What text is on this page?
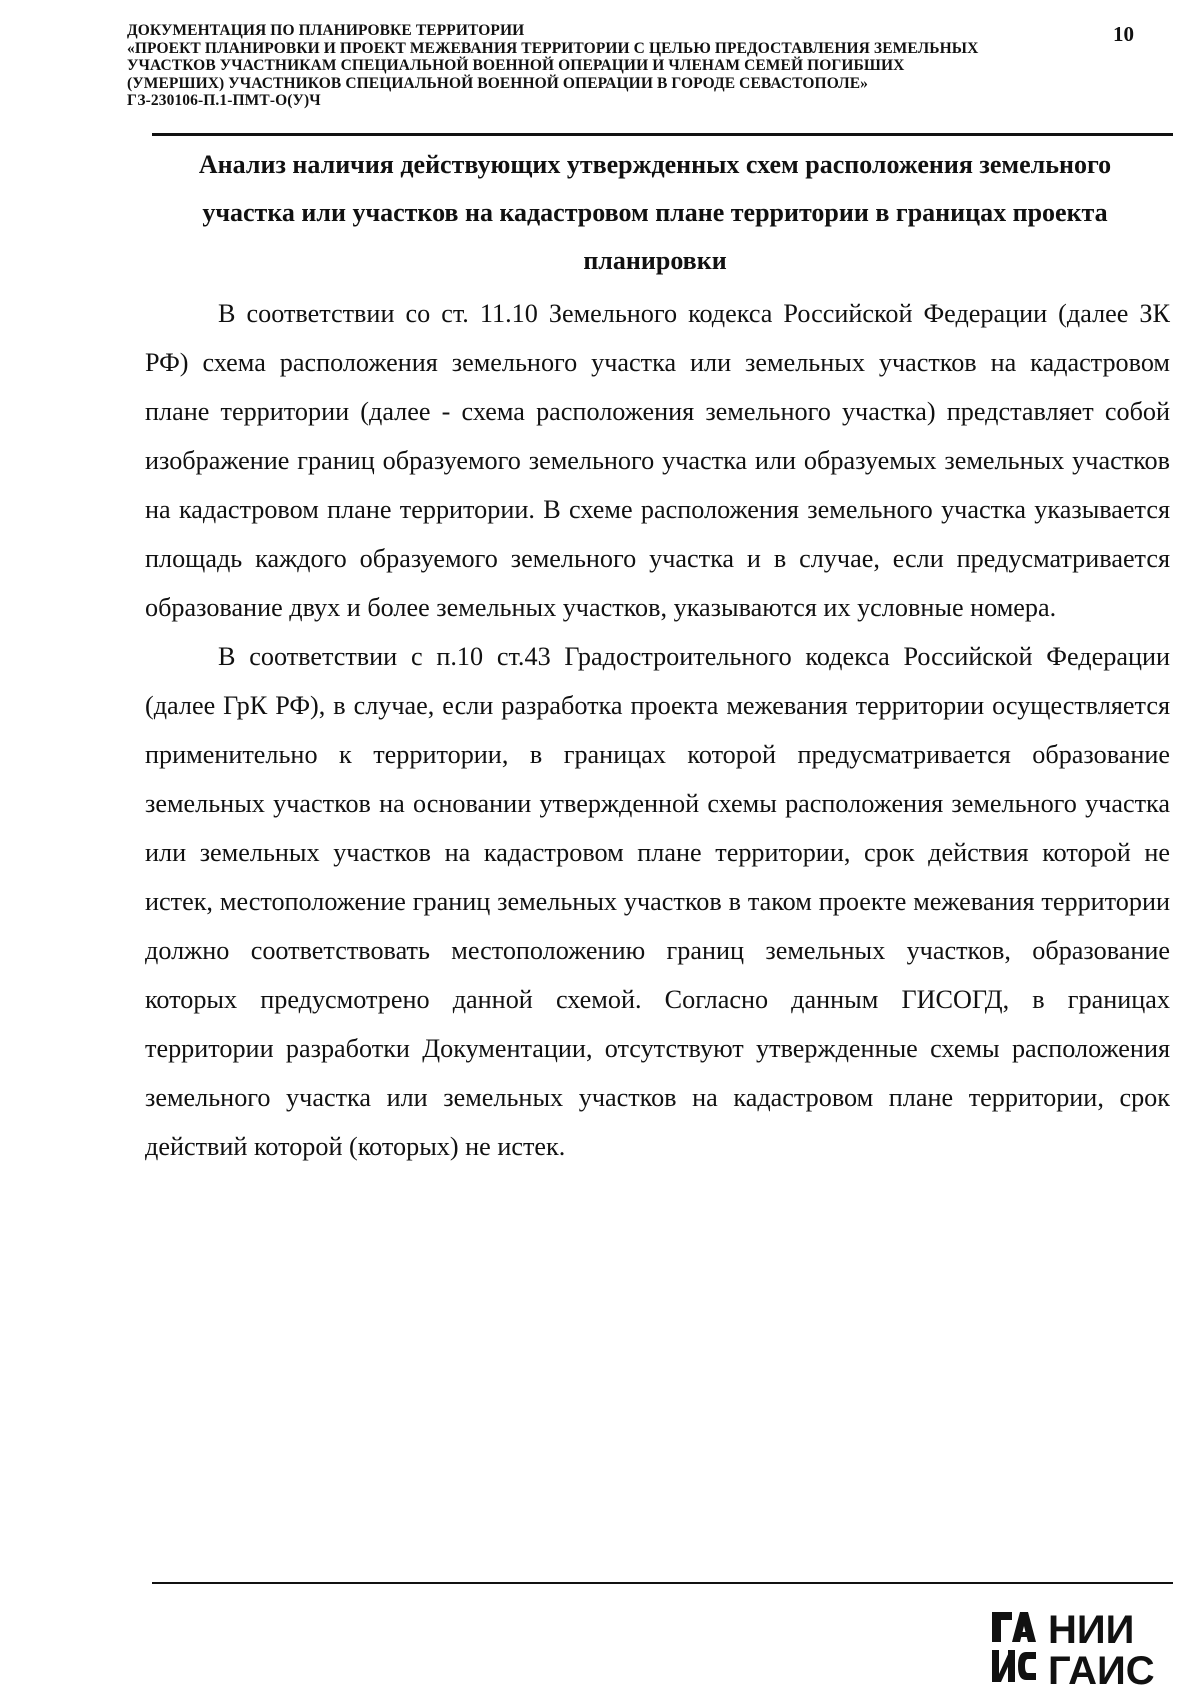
ДОКУМЕНТАЦИЯ ПО ПЛАНИРОВКЕ ТЕРРИТОРИИ
«ПРОЕКТ ПЛАНИРОВКИ И ПРОЕКТ МЕЖЕВАНИЯ ТЕРРИТОРИИ С ЦЕЛЬЮ ПРЕДОСТАВЛЕНИЯ ЗЕМЕЛЬНЫХ
УЧАСТКОВ УЧАСТНИКАМ СПЕЦИАЛЬНОЙ ВОЕННОЙ ОПЕРАЦИИ И ЧЛЕНАМ СЕМЕЙ ПОГИБШИХ
(УМЕРШИХ) УЧАСТНИКОВ СПЕЦИАЛЬНОЙ ВОЕННОЙ ОПЕРАЦИИ В ГОРОДЕ СЕВАСТОПОЛЕ»
ГЗ-230106-П.1-ПМТ-О(У)Ч
10
Анализ наличия действующих утвержденных схем расположения земельного
участка или участков на кадастровом плане территории в границах проекта
планировки

В соответствии со ст. 11.10 Земельного кодекса Российской Федерации (далее ЗК РФ) схема расположения земельного участка или земельных участков на кадастровом плане территории (далее - схема расположения земельного участка) представляет собой изображение границ образуемого земельного участка или образуемых земельных участков на кадастровом плане территории. В схеме расположения земельного участка указывается площадь каждого образуемого земельного участка и в случае, если предусматривается образование двух и более земельных участков, указываются их условные номера.

В соответствии с п.10 ст.43 Градостроительного кодекса Российской Федерации (далее ГрК РФ), в случае, если разработка проекта межевания территории осуществляется применительно к территории, в границах которой предусматривается образование земельных участков на основании утвержденной схемы расположения земельного участка или земельных участков на кадастровом плане территории, срок действия которой не истек, местоположение границ земельных участков в таком проекте межевания территории должно соответствовать местоположению границ земельных участков, образование которых предусмотрено данной схемой. Согласно данным ГИСОГД, в границах территории разработки Документации, отсутствуют утвержденные схемы расположения земельного участка или земельных участков на кадастровом плане территории, срок действий которой (которых) не истек.

НИИ
ГАИС
